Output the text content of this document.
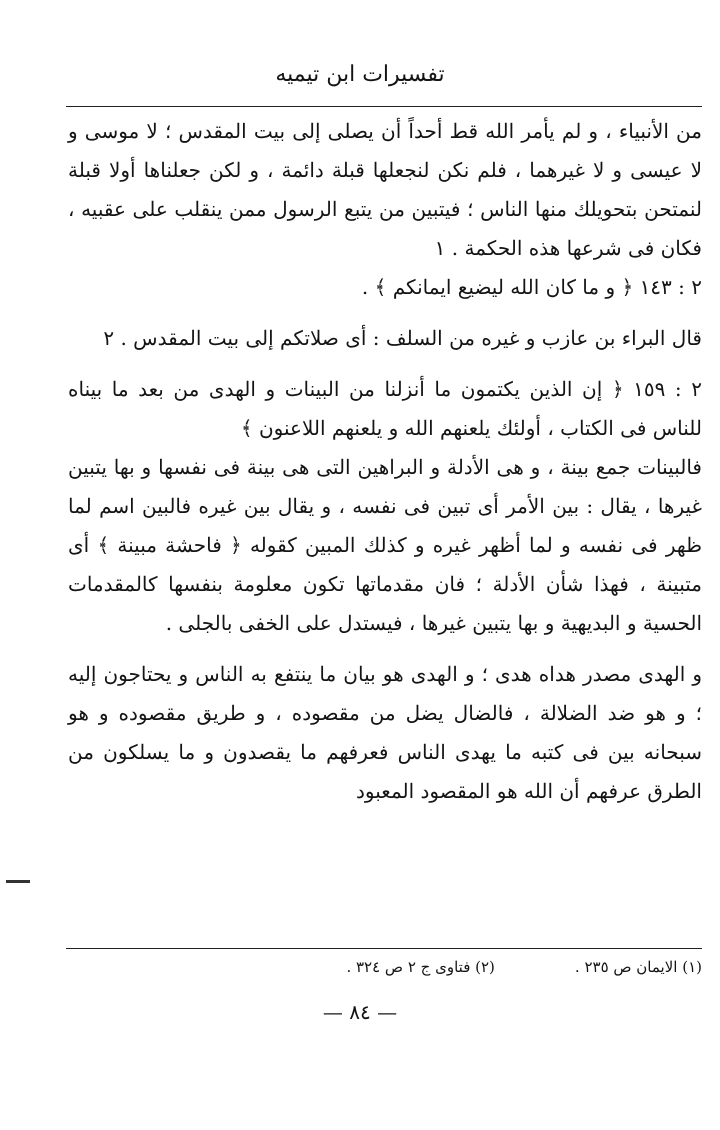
تفسيرات ابن تيميه

من الأنبياء ، و لم يأمر الله قط أحداً أن يصلى إلى بيت المقدس ؛ لا موسى و لا عيسى و لا غيرهما ، فلم نكن لنجعلها قبلة دائمة ، و لكن جعلناها أولا قبلة لنمتحن بتحويلك منها الناس ؛ فيتبين من يتبع الرسول ممن ينقلب على عقبيه ، فكان فى شرعها هذه الحكمة . ١

٢ : ١٤٣ ﴿ و ما كان الله ليضيع ايمانكم ﴾ .

قال البراء بن عازب و غيره من السلف : أى صلاتكم إلى بيت المقدس . ٢

٢ : ١٥٩ ﴿ إن الذين يكتمون ما أنزلنا من البينات و الهدى من بعد ما بيناه للناس فى الكتاب ، أولئك يلعنهم الله و يلعنهم اللاعنون ﴾

فالبينات جمع بينة ، و هى الأدلة و البراهين التى هى بينة فى نفسها و بها يتبين غيرها ، يقال : بين الأمر أى تبين فى نفسه ، و يقال بين غيره فالبين اسم لما ظهر فى نفسه و لما أظهر غيره و كذلك المبين كقوله ﴿ فاحشة مبينة ﴾ أى متبينة ، فهذا شأن الأدلة ؛ فان مقدماتها تكون معلومة بنفسها كالمقدمات الحسية و البديهية و بها يتبين غيرها ، فيستدل على الخفى بالجلى .

و الهدى مصدر هداه هدى ؛ و الهدى هو بيان ما ينتفع به الناس و يحتاجون إليه ؛ و هو ضد الضلالة ، فالضال يضل من مقصوده ، و طريق مقصوده و هو سبحانه بين فى كتبه ما يهدى الناس فعرفهم ما يقصدون و ما يسلكون من الطرق عرفهم أن الله هو المقصود المعبود

(١) الايمان ص ٢٣٥ .
(٢) فتاوى ج ٢ ص ٣٢٤ .
— ٨٤ —
